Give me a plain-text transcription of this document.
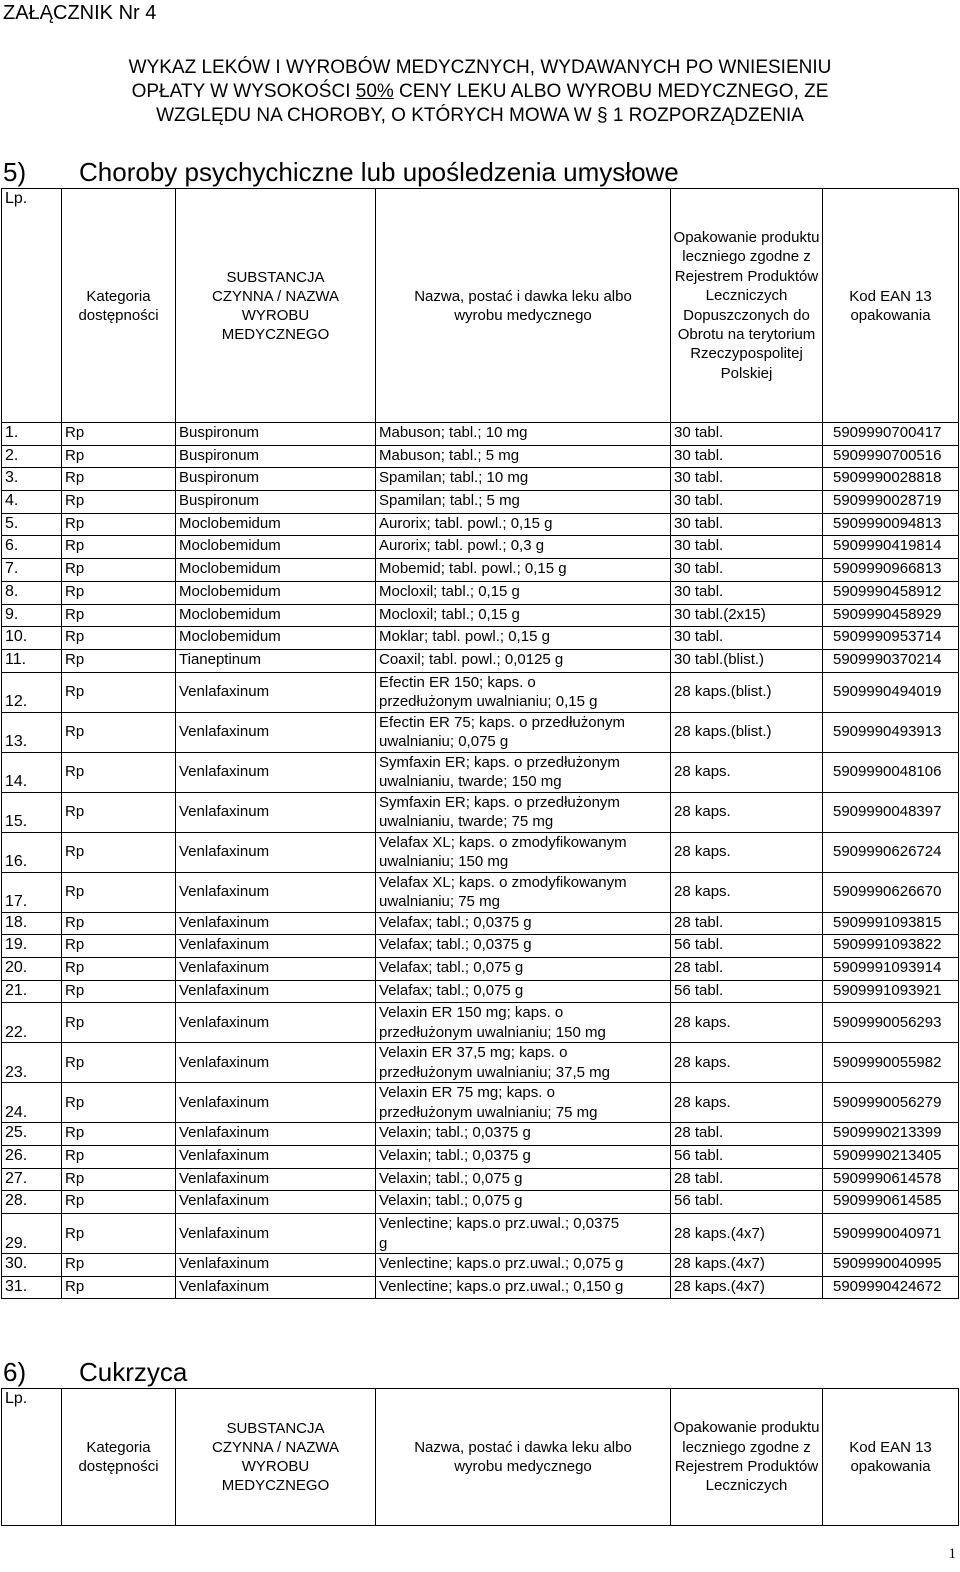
ZAŁĄCZNIK Nr 4
WYKAZ LEKÓW I WYROBÓW MEDYCZNYCH, WYDAWANYCH PO WNIESIENIU
OPŁATY W WYSOKOŚCI 50% CENY LEKU ALBO WYROBU MEDYCZNEGO, ZE
WZGLĘDU NA CHOROBY, O KTÓRYCH MOWA W § 1 ROZPORZĄDZENIA
5) Choroby psychychiczne lub upośledzenia umysłowe
Lp.	Kategoria dostępności	SUBSTANCJA CZYNNA / NAZWA WYROBU MEDYCZNEGO	Nazwa, postać i dawka leku albo wyrobu medycznego	Opakowanie produktu leczniego zgodne z Rejestrem Produktów Leczniczych Dopuszczonych do Obrotu na terytorium Rzeczypospolitej Polskiej	Kod EAN 13 opakowania
1.	Rp	Buspironum	Mabuson; tabl.; 10 mg	30 tabl.	5909990700417
2.	Rp	Buspironum	Mabuson; tabl.; 5 mg	30 tabl.	5909990700516
3.	Rp	Buspironum	Spamilan; tabl.; 10 mg	30 tabl.	5909990028818
4.	Rp	Buspironum	Spamilan; tabl.; 5 mg	30 tabl.	5909990028719
5.	Rp	Moclobemidum	Aurorix; tabl. powl.; 0,15 g	30 tabl.	5909990094813
6.	Rp	Moclobemidum	Aurorix; tabl. powl.; 0,3 g	30 tabl.	5909990419814
7.	Rp	Moclobemidum	Mobemid; tabl. powl.; 0,15 g	30 tabl.	5909990966813
8.	Rp	Moclobemidum	Mocloxil; tabl.; 0,15 g	30 tabl.	5909990458912
9.	Rp	Moclobemidum	Mocloxil; tabl.; 0,15 g	30 tabl.(2x15)	5909990458929
10.	Rp	Moclobemidum	Moklar; tabl. powl.; 0,15 g	30 tabl.	5909990953714
11.	Rp	Tianeptinum	Coaxil; tabl. powl.; 0,0125 g	30 tabl.(blist.)	5909990370214
12.	Rp	Venlafaxinum	Efectin ER 150; kaps. o
przedłużonym uwalnianiu; 0,15 g	28 kaps.(blist.)	5909990494019
13.	Rp	Venlafaxinum	Efectin ER 75; kaps. o przedłużonym
uwalnianiu; 0,075 g	28 kaps.(blist.)	5909990493913
14.	Rp	Venlafaxinum	Symfaxin ER; kaps. o przedłużonym
uwalnianiu, twarde; 150 mg	28 kaps.	5909990048106
15.	Rp	Venlafaxinum	Symfaxin ER; kaps. o przedłużonym
uwalnianiu, twarde; 75 mg	28 kaps.	5909990048397
16.	Rp	Venlafaxinum	Velafax XL; kaps. o zmodyfikowanym
uwalnianiu; 150 mg	28 kaps.	5909990626724
17.	Rp	Venlafaxinum	Velafax XL; kaps. o zmodyfikowanym
uwalnianiu; 75 mg	28 kaps.	5909990626670
18.	Rp	Venlafaxinum	Velafax; tabl.; 0,0375 g	28 tabl.	5909991093815
19.	Rp	Venlafaxinum	Velafax; tabl.; 0,0375 g	56 tabl.	5909991093822
20.	Rp	Venlafaxinum	Velafax; tabl.; 0,075 g	28 tabl.	5909991093914
21.	Rp	Venlafaxinum	Velafax; tabl.; 0,075 g	56 tabl.	5909991093921
22.	Rp	Venlafaxinum	Velaxin ER 150 mg; kaps. o
przedłużonym uwalnianiu; 150 mg	28 kaps.	5909990056293
23.	Rp	Venlafaxinum	Velaxin ER 37,5 mg; kaps. o
przedłużonym uwalnianiu; 37,5 mg	28 kaps.	5909990055982
24.	Rp	Venlafaxinum	Velaxin ER 75 mg; kaps. o
przedłużonym uwalnianiu; 75 mg	28 kaps.	5909990056279
25.	Rp	Venlafaxinum	Velaxin; tabl.; 0,0375 g	28 tabl.	5909990213399
26.	Rp	Venlafaxinum	Velaxin; tabl.; 0,0375 g	56 tabl.	5909990213405
27.	Rp	Venlafaxinum	Velaxin; tabl.; 0,075 g	28 tabl.	5909990614578
28.	Rp	Venlafaxinum	Velaxin; tabl.; 0,075 g	56 tabl.	5909990614585
29.	Rp	Venlafaxinum	Venlectine; kaps.o prz.uwal.; 0,0375
g	28 kaps.(4x7)	5909990040971
30.	Rp	Venlafaxinum	Venlectine; kaps.o prz.uwal.; 0,075 g	28 kaps.(4x7)	5909990040995
31.	Rp	Venlafaxinum	Venlectine; kaps.o prz.uwal.; 0,150 g	28 kaps.(4x7)	5909990424672
6) Cukrzyca
Lp.	Kategoria dostępności	SUBSTANCJA CZYNNA / NAZWA WYROBU MEDYCZNEGO	Nazwa, postać i dawka leku albo wyrobu medycznego	Opakowanie produktu leczniego zgodne z Rejestrem Produktów Leczniczych	Kod EAN 13 opakowania
1
